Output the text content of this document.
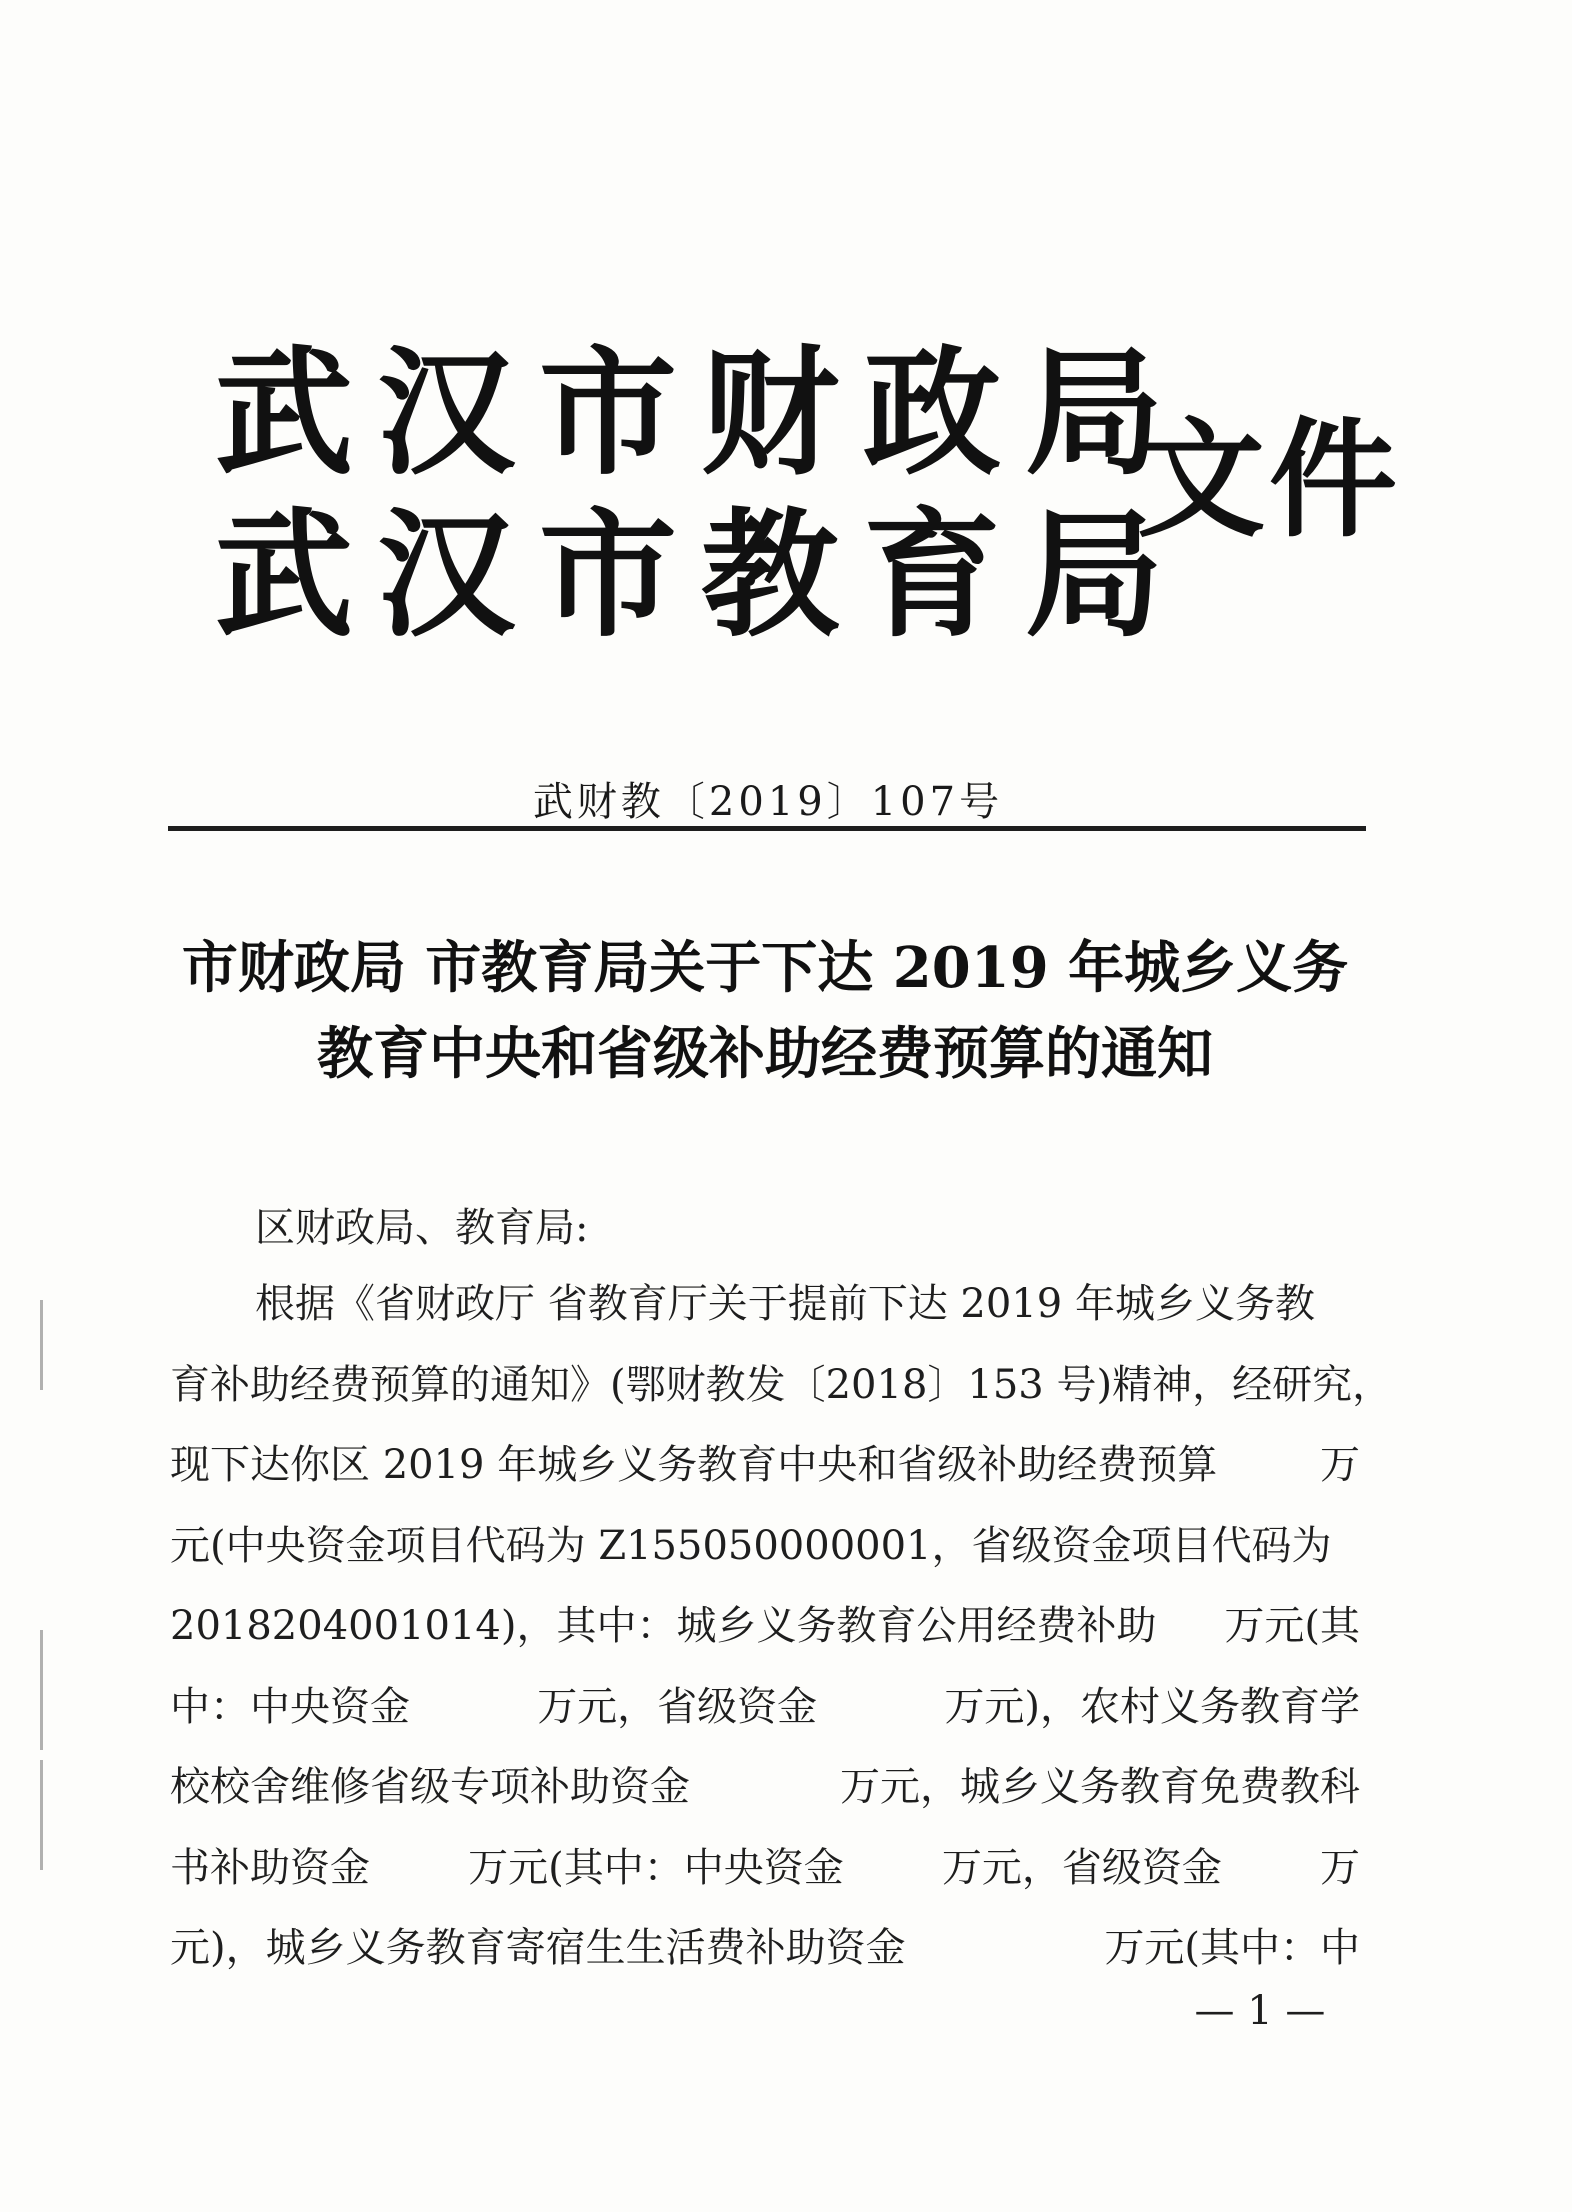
武汉市财政局
武汉市教育局
文件
武财教〔2019〕107号
市财政局 市教育局关于下达 2019 年城乡义务
教育中央和省级补助经费预算的通知
区财政局、教育局:
根据《省财政厅 省教育厅关于提前下达 2019 年城乡义务教
育补助经费预算的通知》(鄂财教发〔2018〕153 号)精神，经研究，
现下达你区 2019 年城乡义务教育中央和省级补助经费预算	万
元(中央资金项目代码为 Z155050000001，省级资金项目代码为
2018204001014)，其中：城乡义务教育公用经费补助 万元(其
中：中央资金	万元，省级资金	万元)，农村义务教育学
校校舍维修省级专项补助资金	万元，城乡义务教育免费教科
书补助资金 万元(其中：中央资金 万元，省级资金 万
元)，城乡义务教育寄宿生生活费补助资金	万元(其中：中
— 1 —
